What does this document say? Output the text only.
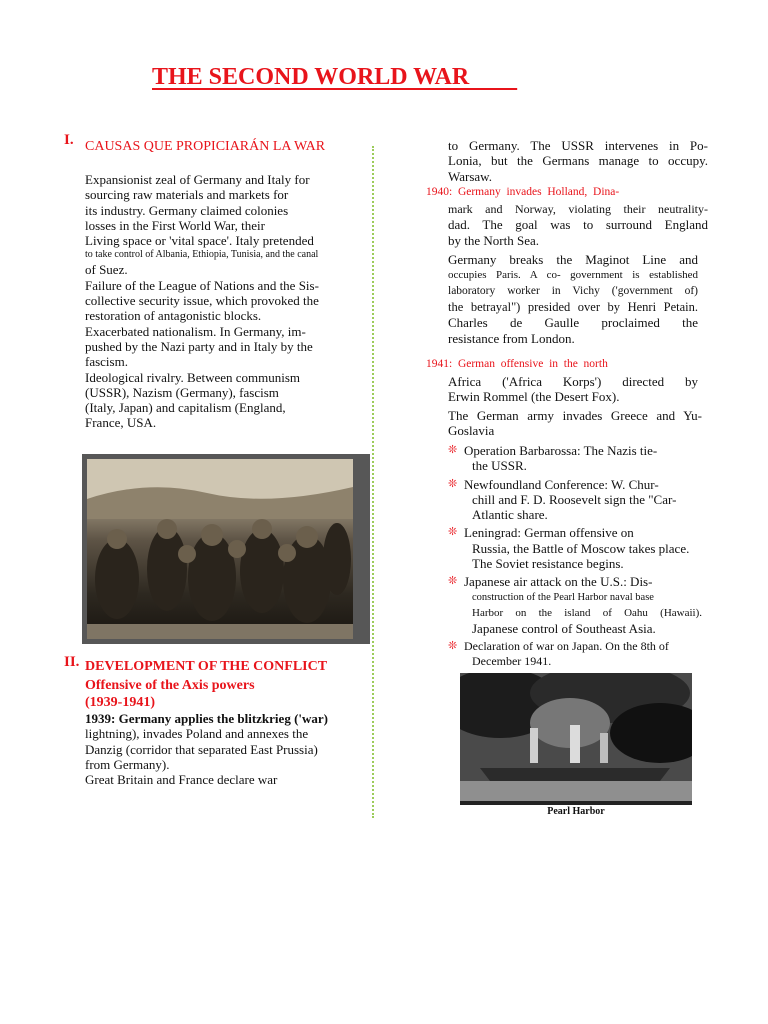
THE SECOND WORLD WAR
I. CAUSAS QUE PROPICIARÁN LA WAR

Expansionist zeal of Germany and Italy for

sourcing raw materials and markets for

its industry. Germany claimed colonies

losses in the First World War, their

Living space or 'vital space'. Italy pretended

to take control of Albania, Ethiopia, Tunisia, and the canal

of Suez.

Failure of the League of Nations and the Sis-

collective security issue, which provoked the

restoration of antagonistic blocks.

Exacerbated nationalism. In Germany, im-

pushed by the Nazi party and in Italy by the

fascism.

Ideological rivalry. Between communism

(USSR), Nazism (Germany), fascism

(Italy, Japan) and capitalism (England,

France, USA.

II. DEVELOPMENT OF THE CONFLICT
Offensive of the Axis powers
(1939-1941)

1939: Germany applies the blitzkrieg ('war)

lightning), invades Poland and annexes the

Danzig (corridor that separated East Prussia)

from Germany).

Great Britain and France declare war

to Germany. The USSR intervenes in Po-

Lonia, but the Germans manage to occupy.

Warsaw.

1940:  Germany  invades  Holland,  Dina-

mark and Norway, violating their neutrality-

dad. The goal was to surround England

by the North Sea.

Germany breaks the Maginot Line and

occupies Paris. A co- government is established

laboratory worker in Vichy ('government of)

the betrayal") presided over by Henri Petain.

Charles de Gaulle proclaimed the

resistance from London.

1941:  German  offensive  in  the  north

Africa ('Africa Korps') directed by

Erwin Rommel (the Desert Fox).

The German army invades Greece and Yu-

Goslavia

❊ Operation Barbarossa: The Nazis tie-
the USSR.
❊ Newfoundland Conference: W. Chur-
chill and F. D. Roosevelt sign the "Car-
Atlantic share.
❊ Leningrad: German offensive on
Russia, the Battle of Moscow takes place.
The Soviet resistance begins.
❊ Japanese air attack on the U.S.: Dis-
construction of the Pearl Harbor naval base
Harbor on the island of Oahu (Hawaii).
Japanese control of Southeast Asia.
❊ Declaration of war on Japan. On the 8th of
December 1941.
Pearl Harbor
